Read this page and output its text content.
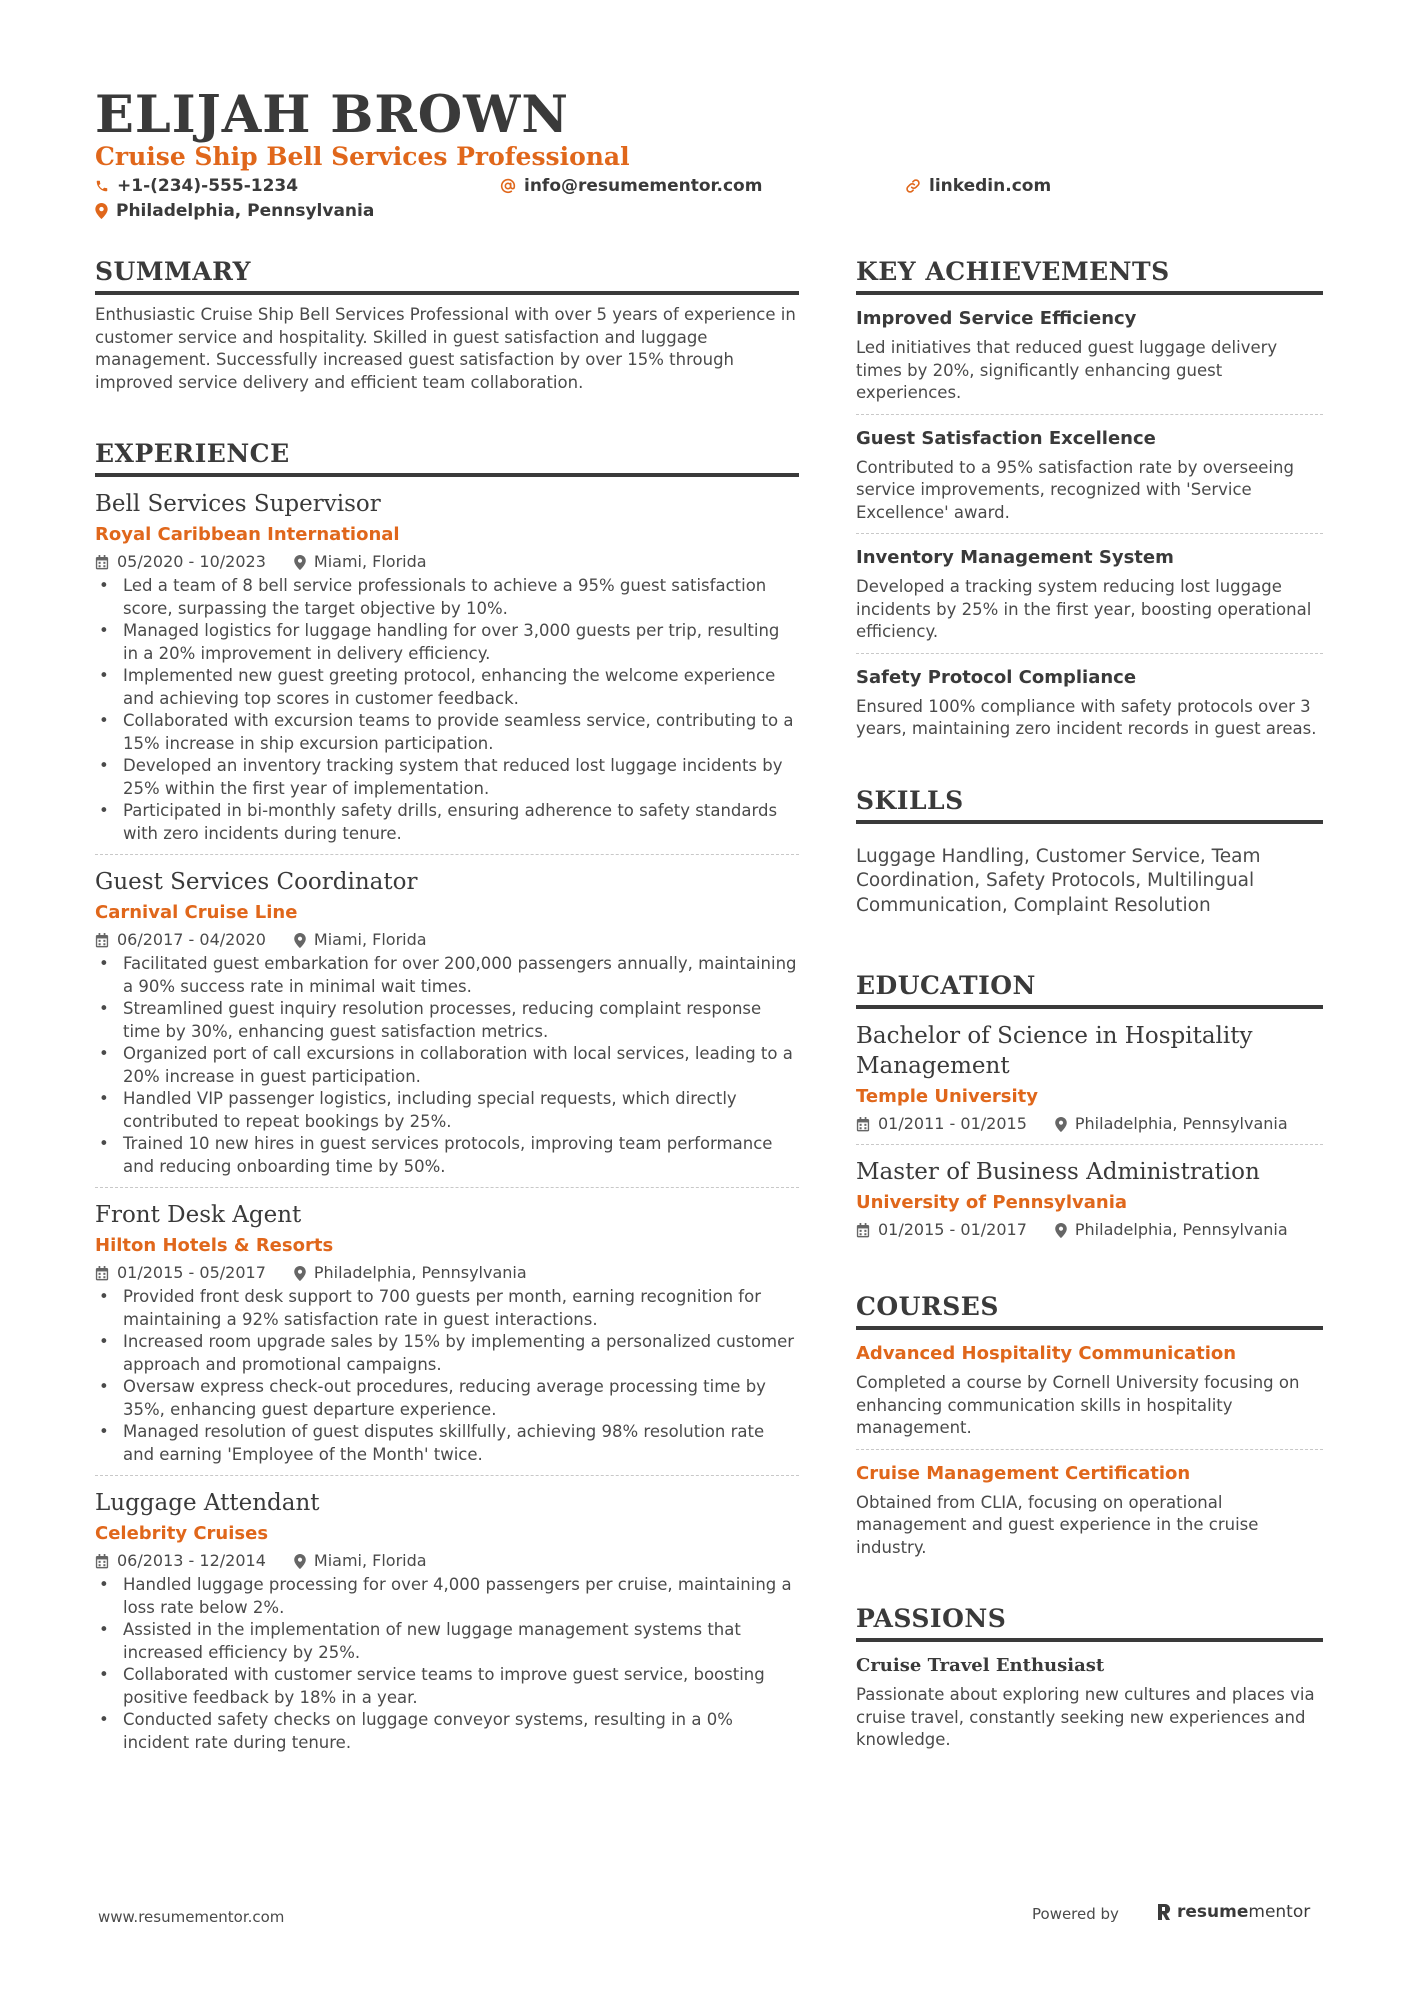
ELIJAH BROWN
Cruise Ship Bell Services Professional
+1-(234)-555-1234	info@resumementor.com	linkedin.com
Philadelphia, Pennsylvania
SUMMARY
Enthusiastic Cruise Ship Bell Services Professional with over 5 years of experience in customer service and hospitality. Skilled in guest satisfaction and luggage management. Successfully increased guest satisfaction by over 15% through improved service delivery and efficient team collaboration.
EXPERIENCE
Bell Services Supervisor
Royal Caribbean International
05/2020 - 10/2023	Miami, Florida
• Led a team of 8 bell service professionals to achieve a 95% guest satisfaction score, surpassing the target objective by 10%.
• Managed logistics for luggage handling for over 3,000 guests per trip, resulting in a 20% improvement in delivery efficiency.
• Implemented new guest greeting protocol, enhancing the welcome experience and achieving top scores in customer feedback.
• Collaborated with excursion teams to provide seamless service, contributing to a 15% increase in ship excursion participation.
• Developed an inventory tracking system that reduced lost luggage incidents by 25% within the first year of implementation.
• Participated in bi-monthly safety drills, ensuring adherence to safety standards with zero incidents during tenure.
Guest Services Coordinator
Carnival Cruise Line
06/2017 - 04/2020	Miami, Florida
• Facilitated guest embarkation for over 200,000 passengers annually, maintaining a 90% success rate in minimal wait times.
• Streamlined guest inquiry resolution processes, reducing complaint response time by 30%, enhancing guest satisfaction metrics.
• Organized port of call excursions in collaboration with local services, leading to a 20% increase in guest participation.
• Handled VIP passenger logistics, including special requests, which directly contributed to repeat bookings by 25%.
• Trained 10 new hires in guest services protocols, improving team performance and reducing onboarding time by 50%.
Front Desk Agent
Hilton Hotels & Resorts
01/2015 - 05/2017	Philadelphia, Pennsylvania
• Provided front desk support to 700 guests per month, earning recognition for maintaining a 92% satisfaction rate in guest interactions.
• Increased room upgrade sales by 15% by implementing a personalized customer approach and promotional campaigns.
• Oversaw express check-out procedures, reducing average processing time by 35%, enhancing guest departure experience.
• Managed resolution of guest disputes skillfully, achieving 98% resolution rate and earning 'Employee of the Month' twice.
Luggage Attendant
Celebrity Cruises
06/2013 - 12/2014	Miami, Florida
• Handled luggage processing for over 4,000 passengers per cruise, maintaining a loss rate below 2%.
• Assisted in the implementation of new luggage management systems that increased efficiency by 25%.
• Collaborated with customer service teams to improve guest service, boosting positive feedback by 18% in a year.
• Conducted safety checks on luggage conveyor systems, resulting in a 0% incident rate during tenure.
KEY ACHIEVEMENTS
Improved Service Efficiency
Led initiatives that reduced guest luggage delivery times by 20%, significantly enhancing guest experiences.
Guest Satisfaction Excellence
Contributed to a 95% satisfaction rate by overseeing service improvements, recognized with 'Service Excellence' award.
Inventory Management System
Developed a tracking system reducing lost luggage incidents by 25% in the first year, boosting operational efficiency.
Safety Protocol Compliance
Ensured 100% compliance with safety protocols over 3 years, maintaining zero incident records in guest areas.
SKILLS
Luggage Handling, Customer Service, Team Coordination, Safety Protocols, Multilingual Communication, Complaint Resolution
EDUCATION
Bachelor of Science in Hospitality Management
Temple University
01/2011 - 01/2015	Philadelphia, Pennsylvania
Master of Business Administration
University of Pennsylvania
01/2015 - 01/2017	Philadelphia, Pennsylvania
COURSES
Advanced Hospitality Communication
Completed a course by Cornell University focusing on enhancing communication skills in hospitality management.
Cruise Management Certification
Obtained from CLIA, focusing on operational management and guest experience in the cruise industry.
PASSIONS
Cruise Travel Enthusiast
Passionate about exploring new cultures and places via cruise travel, constantly seeking new experiences and knowledge.
www.resumementor.com	Powered by	resume mentor
